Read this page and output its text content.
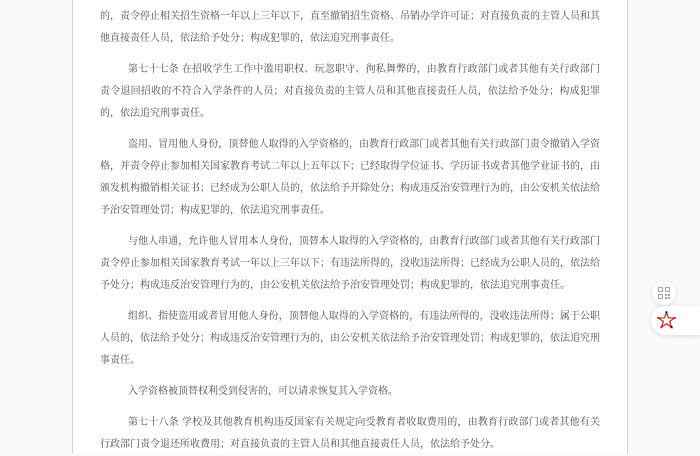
的，责令停止相关招生资格一年以上三年以下，直至撤销招生资格、吊销办学许可证；对直接负责的主管人员和其他直接责任人员，依法给予处分；构成犯罪的，依法追究刑事责任。

第七十七条 在招收学生工作中滥用职权、玩忽职守、徇私舞弊的，由教育行政部门或者其他有关行政部门责令退回招收的不符合入学条件的人员；对直接负责的主管人员和其他直接责任人员，依法给予处分；构成犯罪的，依法追究刑事责任。

盗用、冒用他人身份，顶替他人取得的入学资格的，由教育行政部门或者其他有关行政部门责令撤销入学资格，并责令停止参加相关国家教育考试二年以上五年以下；已经取得学位证书、学历证书或者其他学业证书的，由颁发机构撤销相关证书；已经成为公职人员的，依法给予开除处分；构成违反治安管理行为的，由公安机关依法给予治安管理处罚；构成犯罪的，依法追究刑事责任。

与他人串通，允许他人冒用本人身份，顶替本人取得的入学资格的，由教育行政部门或者其他有关行政部门责令停止参加相关国家教育考试一年以上三年以下；有违法所得的，没收违法所得；已经成为公职人员的，依法给予处分；构成违反治安管理行为的，由公安机关依法给予治安管理处罚；构成犯罪的，依法追究刑事责任。

组织、指使盗用或者冒用他人身份，顶替他人取得的入学资格的，有违法所得的，没收违法所得；属于公职人员的，依法给予处分；构成违反治安管理行为的，由公安机关依法给予治安管理处罚；构成犯罪的，依法追究刑事责任。

入学资格被顶替权利受到侵害的，可以请求恢复其入学资格。

第七十八条 学校及其他教育机构违反国家有关规定向受教育者收取费用的，由教育行政部门或者其他有关行政部门责令退还所收费用；对直接负责的主管人员和其他直接责任人员，依法给予处分。
